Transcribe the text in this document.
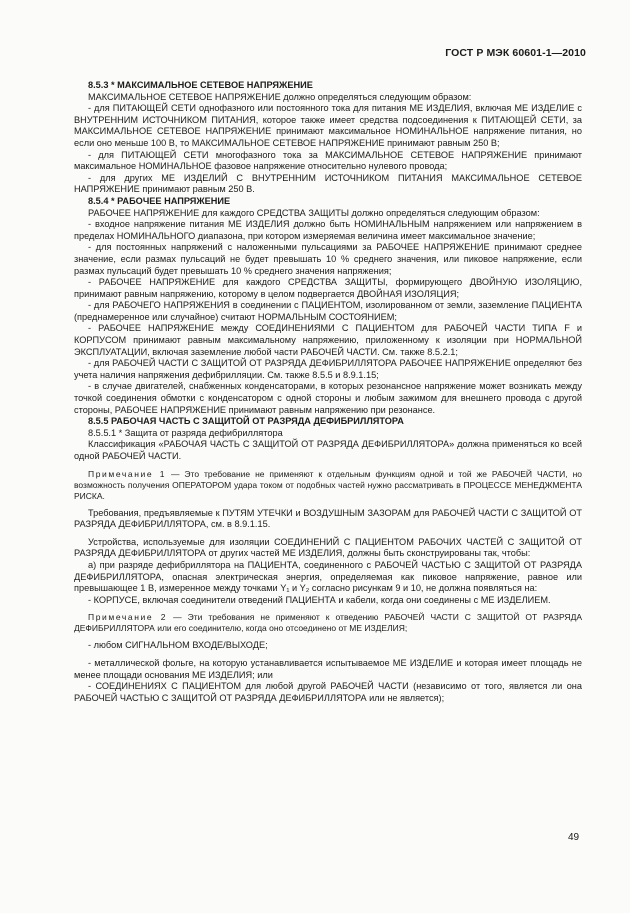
ГОСТ Р МЭК 60601-1—2010

8.5.3 * МАКСИМАЛЬНОЕ СЕТЕВОЕ НАПРЯЖЕНИЕ

МАКСИМАЛЬНОЕ СЕТЕВОЕ НАПРЯЖЕНИЕ должно определяться следующим образом:

- для ПИТАЮЩЕЙ СЕТИ однофазного или постоянного тока для питания МЕ ИЗДЕЛИЯ, включая МЕ ИЗДЕЛИЕ с ВНУТРЕННИМ ИСТОЧНИКОМ ПИТАНИЯ, которое также имеет средства подсоединения к ПИТАЮЩЕЙ СЕТИ, за МАКСИМАЛЬНОЕ СЕТЕВОЕ НАПРЯЖЕНИЕ принимают максимальное НОМИНАЛЬНОЕ напряжение питания, но если оно меньше 100 В, то МАКСИМАЛЬНОЕ СЕТЕВОЕ НАПРЯЖЕНИЕ принимают равным 250 В;

- для ПИТАЮЩЕЙ СЕТИ многофазного тока за МАКСИМАЛЬНОЕ СЕТЕВОЕ НАПРЯЖЕНИЕ принимают максимальное НОМИНАЛЬНОЕ фазовое напряжение относительно нулевого провода;

- для других МЕ ИЗДЕЛИЙ С ВНУТРЕННИМ ИСТОЧНИКОМ ПИТАНИЯ МАКСИМАЛЬНОЕ СЕТЕВОЕ НАПРЯЖЕНИЕ принимают равным 250 В.

8.5.4 * РАБОЧЕЕ НАПРЯЖЕНИЕ

РАБОЧЕЕ НАПРЯЖЕНИЕ для каждого СРЕДСТВА ЗАЩИТЫ должно определяться следующим образом:

- входное напряжение питания МЕ ИЗДЕЛИЯ должно быть НОМИНАЛЬНЫМ напряжением или напряжением в пределах НОМИНАЛЬНОГО диапазона, при котором измеряемая величина имеет максимальное значение;

- для постоянных напряжений с наложенными пульсациями за РАБОЧЕЕ НАПРЯЖЕНИЕ принимают среднее значение, если размах пульсаций не будет превышать 10 % среднего значения, или пиковое напряжение, если размах пульсаций будет превышать 10 % среднего значения напряжения;

- РАБОЧЕЕ НАПРЯЖЕНИЕ для каждого СРЕДСТВА ЗАЩИТЫ, формирующего ДВОЙНУЮ ИЗОЛЯЦИЮ, принимают равным напряжению, которому в целом подвергается ДВОЙНАЯ ИЗОЛЯЦИЯ;

- для РАБОЧЕГО НАПРЯЖЕНИЯ в соединении с ПАЦИЕНТОМ, изолированном от земли, заземление ПАЦИЕНТА (преднамеренное или случайное) считают НОРМАЛЬНЫМ СОСТОЯНИЕМ;

- РАБОЧЕЕ НАПРЯЖЕНИЕ между СОЕДИНЕНИЯМИ С ПАЦИЕНТОМ для РАБОЧЕЙ ЧАСТИ ТИПА F и КОРПУСОМ принимают равным максимальному напряжению, приложенному к изоляции при НОРМАЛЬНОЙ ЭКСПЛУАТАЦИИ, включая заземление любой части РАБОЧЕЙ ЧАСТИ. См. также 8.5.2.1;

- для РАБОЧЕЙ ЧАСТИ С ЗАЩИТОЙ ОТ РАЗРЯДА ДЕФИБРИЛЛЯТОРА РАБОЧЕЕ НАПРЯЖЕНИЕ определяют без учета наличия напряжения дефибрилляции. См. также 8.5.5 и 8.9.1.15;

- в случае двигателей, снабженных конденсаторами, в которых резонансное напряжение может возникать между точкой соединения обмотки с конденсатором с одной стороны и любым зажимом для внешнего провода с другой стороны, РАБОЧЕЕ НАПРЯЖЕНИЕ принимают равным напряжению при резонансе.

8.5.5 РАБОЧАЯ ЧАСТЬ С ЗАЩИТОЙ ОТ РАЗРЯДА ДЕФИБРИЛЛЯТОРА

8.5.5.1 * Защита от разряда дефибриллятора

Классификация «РАБОЧАЯ ЧАСТЬ С ЗАЩИТОЙ ОТ РАЗРЯДА ДЕФИБРИЛЛЯТОРА» должна применяться ко всей одной РАБОЧЕЙ ЧАСТИ.

Примечание 1 — Это требование не применяют к отдельным функциям одной и той же РАБОЧЕЙ ЧАСТИ, но возможность получения ОПЕРАТОРОМ удара током от подобных частей нужно рассматривать в ПРОЦЕССЕ МЕНЕДЖМЕНТА РИСКА.

Требования, предъявляемые к ПУТЯМ УТЕЧКИ и ВОЗДУШНЫМ ЗАЗОРАМ для РАБОЧЕЙ ЧАСТИ С ЗАЩИТОЙ ОТ РАЗРЯДА ДЕФИБРИЛЛЯТОРА, см. в 8.9.1.15.

Устройства, используемые для изоляции СОЕДИНЕНИЙ С ПАЦИЕНТОМ РАБОЧИХ ЧАСТЕЙ С ЗАЩИТОЙ ОТ РАЗРЯДА ДЕФИБРИЛЛЯТОРА от других частей МЕ ИЗДЕЛИЯ, должны быть сконструированы так, чтобы:

а) при разряде дефибриллятора на ПАЦИЕНТА, соединенного с РАБОЧЕЙ ЧАСТЬЮ С ЗАЩИТОЙ ОТ РАЗРЯДА ДЕФИБРИЛЛЯТОРА, опасная электрическая энергия, определяемая как пиковое напряжение, равное или превышающее 1 В, измеренное между точками Y₁ и Y₂ согласно рисункам 9 и 10, не должна появляться на:

- КОРПУСЕ, включая соединители отведений ПАЦИЕНТА и кабели, когда они соединены с МЕ ИЗДЕЛИЕМ.

Примечание 2 — Эти требования не применяют к отведению РАБОЧЕЙ ЧАСТИ С ЗАЩИТОЙ ОТ РАЗРЯДА ДЕФИБРИЛЛЯТОРА или его соединителю, когда оно отсоединено от МЕ ИЗДЕЛИЯ;

- любом СИГНАЛЬНОМ ВХОДЕ/ВЫХОДЕ;

- металлической фольге, на которую устанавливается испытываемое МЕ ИЗДЕЛИЕ и которая имеет площадь не менее площади основания МЕ ИЗДЕЛИЯ; или

- СОЕДИНЕНИЯХ С ПАЦИЕНТОМ для любой другой РАБОЧЕЙ ЧАСТИ (независимо от того, является ли она РАБОЧЕЙ ЧАСТЬЮ С ЗАЩИТОЙ ОТ РАЗРЯДА ДЕФИБРИЛЛЯТОРА или не является);

49
